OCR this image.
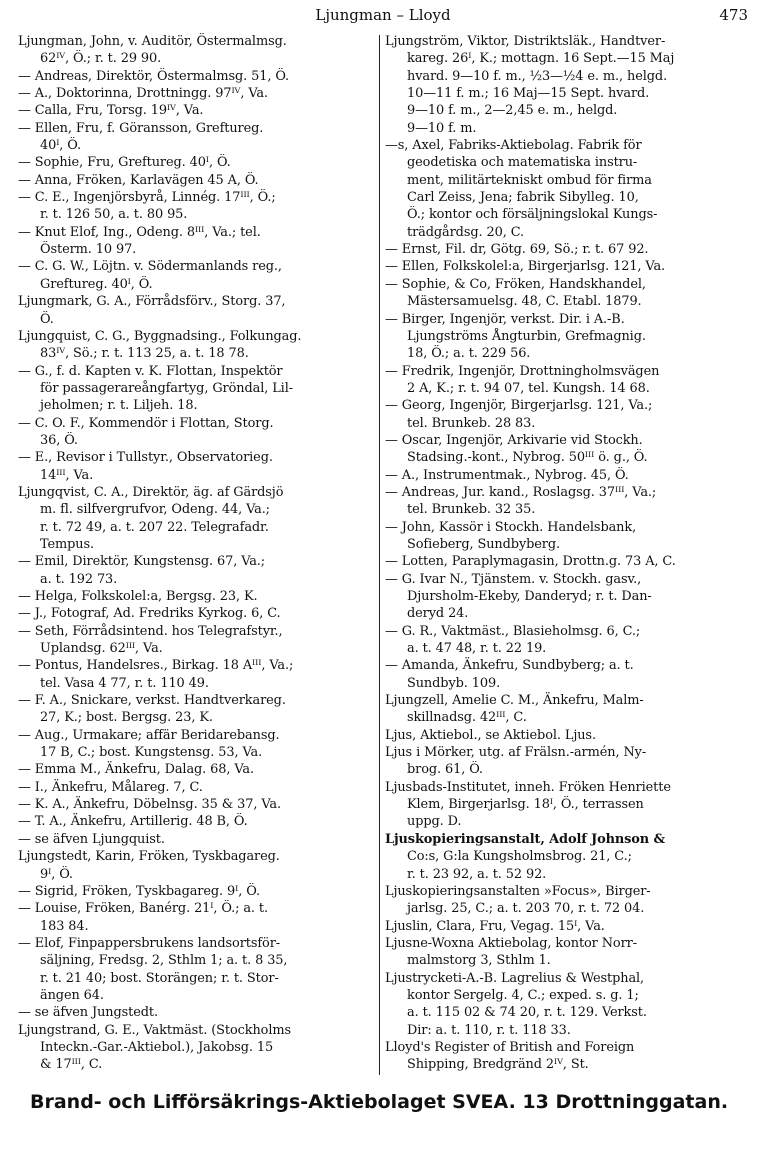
Ljungman – Lloyd	473
Ljungman, John, v. Auditör, Östermalmsg.
62ᴵⱽ, Ö.; r. t. 29 90.
— Andreas, Direktör, Östermalmsg. 51, Ö.
— A., Doktorinna, Drottningg. 97ᴵⱽ, Va.
— Calla, Fru, Torsg. 19ᴵⱽ, Va.
— Ellen, Fru, f. Göransson, Greftureg.
40ᴵ, Ö.
— Sophie, Fru, Greftureg. 40ᴵ, Ö.
— Anna, Fröken, Karlavägen 45 A, Ö.
— C. E., Ingenjörsbyrå, Linnég. 17ᴵᴵᴵ, Ö.;
r. t. 126 50, a. t. 80 95.
— Knut Elof, Ing., Odeng. 8ᴵᴵᴵ, Va.; tel.
Österm. 10 97.
— C. G. W., Löjtn. v. Södermanlands reg.,
Greftureg. 40ᴵ, Ö.
Ljungmark, G. A., Förrådsförv., Storg. 37,
Ö.
Ljungquist, C. G., Byggnadsing., Folkungag.
83ᴵⱽ, Sö.; r. t. 113 25, a. t. 18 78.
— G., f. d. Kapten v. K. Flottan, Inspektör
för passagerareångfartyg, Gröndal, Lil-
jeholmen; r. t. Liljeh. 18.
— C. O. F., Kommendör i Flottan, Storg.
36, Ö.
— E., Revisor i Tullstyr., Observatorieg.
14ᴵᴵᴵ, Va.
Ljungqvist, C. A., Direktör, äg. af Gärdsjö
m. fl. silfvergrufvor, Odeng. 44, Va.;
r. t. 72 49, a. t. 207 22. Telegrafadr.
Tempus.
— Emil, Direktör, Kungstensg. 67, Va.;
a. t. 192 73.
— Helga, Folkskolel:a, Bergsg. 23, K.
— J., Fotograf, Ad. Fredriks Kyrkog. 6, C.
— Seth, Förrådsintend. hos Telegrafstyr.,
Uplandsg. 62ᴵᴵᴵ, Va.
— Pontus, Handelsres., Birkag. 18 Aᴵᴵᴵ, Va.;
tel. Vasa 4 77, r. t. 110 49.
— F. A., Snickare, verkst. Handtverkareg.
27, K.; bost. Bergsg. 23, K.
— Aug., Urmakare; affär Beridarebansg.
17 B, C.; bost. Kungstensg. 53, Va.
— Emma M., Änkefru, Dalag. 68, Va.
— I., Änkefru, Målareg. 7, C.
— K. A., Änkefru, Döbelnsg. 35 & 37, Va.
— T. A., Änkefru, Artillerig. 48 B, Ö.
— se äfven Ljungquist.
Ljungstedt, Karin, Fröken, Tyskbagareg.
9ᴵ, Ö.
— Sigrid, Fröken, Tyskbagareg. 9ᴵ, Ö.
— Louise, Fröken, Banérg. 21ᴵ, Ö.; a. t.
183 84.
— Elof, Finpappersbrukens landsortsför-
säljning, Fredsg. 2, Sthlm 1; a. t. 8 35,
r. t. 21 40; bost. Storängen; r. t. Stor-
ängen 64.
— se äfven Jungstedt.
Ljungstrand, G. E., Vaktmäst. (Stockholms
Inteckn.-Gar.-Aktiebol.), Jakobsg. 15
& 17ᴵᴵᴵ, C.
Ljungström, Viktor, Distriktsläk., Handtver-
kareg. 26ᴵ, K.; mottagn. 16 Sept.—15 Maj
hvard. 9—10 f. m., ½3—½4 e. m., helgd.
10—11 f. m.; 16 Maj—15 Sept. hvard.
9—10 f. m., 2—2,45 e. m., helgd.
9—10 f. m.
—s, Axel, Fabriks-Aktiebolag. Fabrik för
geodetiska och matematiska instru-
ment, militärtekniskt ombud för firma
Carl Zeiss, Jena; fabrik Sibylleg. 10,
Ö.; kontor och försäljningslokal Kungs-
trädgårdsg. 20, C.
— Ernst, Fil. dr, Götg. 69, Sö.; r. t. 67 92.
— Ellen, Folkskolel:a, Birgerjarlsg. 121, Va.
— Sophie, & Co, Fröken, Handskhandel,
Mästersamuelsg. 48, C. Etabl. 1879.
— Birger, Ingenjör, verkst. Dir. i A.-B.
Ljungströms Ångturbin, Grefmagnig.
18, Ö.; a. t. 229 56.
— Fredrik, Ingenjör, Drottningholmsvägen
2 A, K.; r. t. 94 07, tel. Kungsh. 14 68.
— Georg, Ingenjör, Birgerjarlsg. 121, Va.;
tel. Brunkeb. 28 83.
— Oscar, Ingenjör, Arkivarie vid Stockh.
Stadsing.-kont., Nybrog. 50ᴵᴵᴵ ö. g., Ö.
— A., Instrumentmak., Nybrog. 45, Ö.
— Andreas, Jur. kand., Roslagsg. 37ᴵᴵᴵ, Va.;
tel. Brunkeb. 32 35.
— John, Kassör i Stockh. Handelsbank,
Sofieberg, Sundbyberg.
— Lotten, Paraplymagasin, Drottn.g. 73 A, C.
— G. Ivar N., Tjänstem. v. Stockh. gasv.,
Djursholm-Ekeby, Danderyd; r. t. Dan-
deryd 24.
— G. R., Vaktmäst., Blasieholmsg. 6, C.;
a. t. 47 48, r. t. 22 19.
— Amanda, Änkefru, Sundbyberg; a. t.
Sundbyb. 109.
Ljungzell, Amelie C. M., Änkefru, Malm-
skillnadsg. 42ᴵᴵᴵ, C.
Ljus, Aktiebol., se Aktiebol. Ljus.
Ljus i Mörker, utg. af Frälsn.-armén, Ny-
brog. 61, Ö.
Ljusbads-Institutet, inneh. Fröken Henriette
Klem, Birgerjarlsg. 18ᴵ, Ö., terrassen
uppg. D.
Ljuskopieringsanstalt, Adolf Johnson &
Co:s, G:la Kungsholmsbrog. 21, C.;
r. t. 23 92, a. t. 52 92.
Ljuskopieringsanstalten »Focus», Birger-
jarlsg. 25, C.; a. t. 203 70, r. t. 72 04.
Ljuslin, Clara, Fru, Vegag. 15ᴵ, Va.
Ljusne-Woxna Aktiebolag, kontor Norr-
malmstorg 3, Sthlm 1.
Ljustrycketi-A.-B. Lagrelius & Westphal,
kontor Sergelg. 4, C.; exped. s. g. 1;
a. t. 115 02 & 74 20, r. t. 129. Verkst.
Dir: a. t. 110, r. t. 118 33.
Lloyd's Register of British and Foreign
Shipping, Bredgränd 2ᴵⱽ, St.
Brand- och Lifförsäkrings-Aktiebolaget SVEA. 13 Drottninggatan.
